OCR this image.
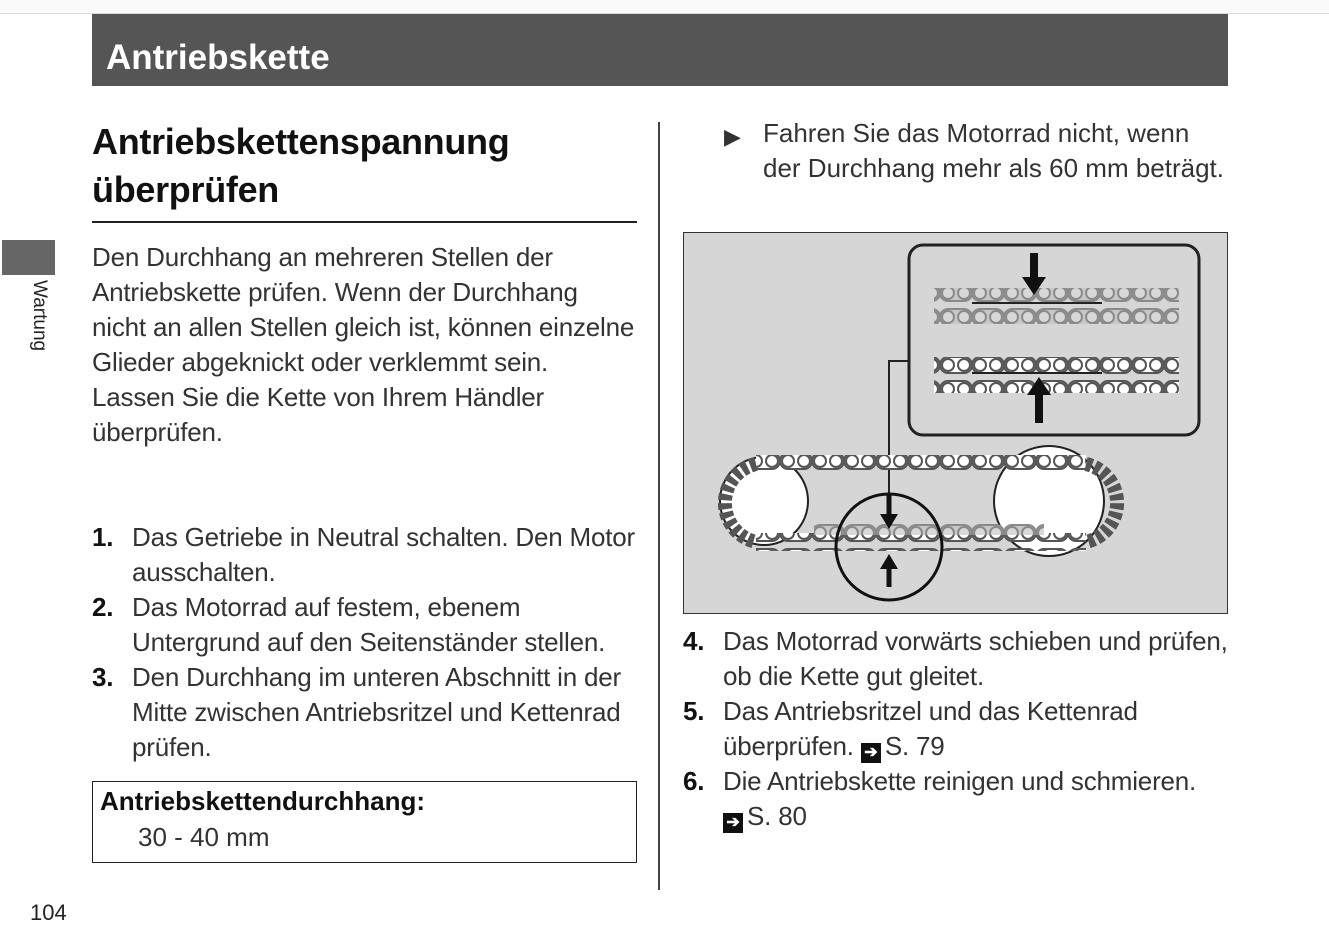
Antriebskette
Wartung
104
Antriebskettenspannung
überprüfen

Den Durchhang an mehreren Stellen der Antriebskette prüfen. Wenn der Durchhang nicht an allen Stellen gleich ist, können einzelne Glieder abgeknickt oder verklemmt sein.

Lassen Sie die Kette von Ihrem Händler überprüfen.

1. Das Getriebe in Neutral schalten. Den Motor ausschalten.
2. Das Motorrad auf festem, ebenem Untergrund auf den Seitenständer stellen.
3. Den Durchhang im unteren Abschnitt in der Mitte zwischen Antriebsritzel und Kettenrad prüfen.
Antriebskettendurchhang:
30 - 40 mm
▶ Fahren Sie das Motorrad nicht, wenn der Durchhang mehr als 60 mm beträgt.
4. Das Motorrad vorwärts schieben und prüfen, ob die Kette gut gleitet.
5. Das Antriebsritzel und das Kettenrad überprüfen. ➔ S. 79
6. Die Antriebskette reinigen und schmieren.
➔ S. 80
